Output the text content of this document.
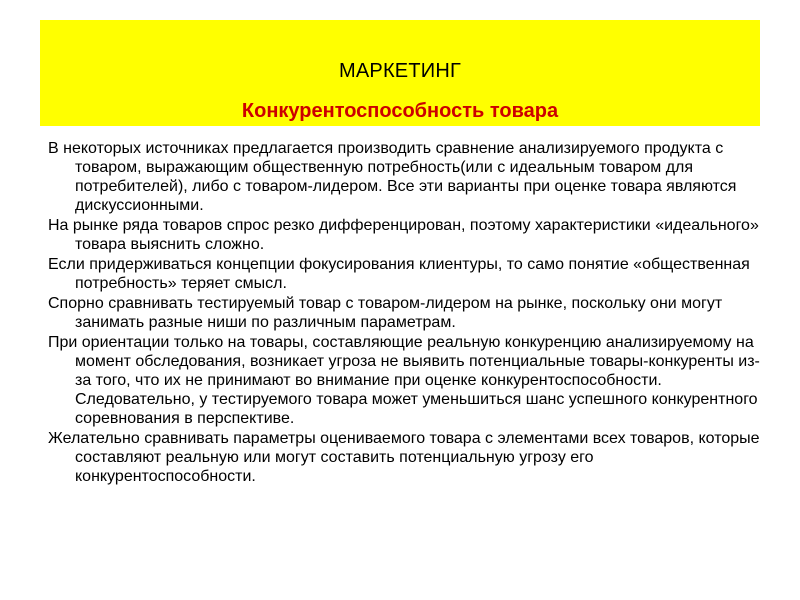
МАРКЕТИНГ
Конкурентоспособность товара

В некоторых источниках предлагается производить сравнение анализируемого продукта с товаром, выражающим общественную потребность(или с идеальным товаром для потребителей), либо с товаром-лидером. Все эти варианты при оценке товара являются дискуссионными.

На рынке ряда товаров спрос резко дифференцирован, поэтому характеристики «идеального» товара выяснить сложно.

Если придерживаться концепции фокусирования клиентуры, то само понятие «общественная потребность» теряет смысл.

Спорно сравнивать тестируемый товар с товаром-лидером на рынке, поскольку они могут занимать разные ниши по различным параметрам.

При ориентации только на товары, составляющие реальную конкуренцию анализируемому на момент обследования, возникает угроза не выявить потенциальные товары-конкуренты из-за того, что их не принимают во внимание при оценке конкурентоспособности. Следовательно, у тестируемого товара может уменьшиться шанс успешного конкурентного соревнования в перспективе.

Желательно сравнивать параметры оцениваемого товара с элементами всех товаров, которые составляют реальную или могут составить потенциальную угрозу его конкурентоспособности.
